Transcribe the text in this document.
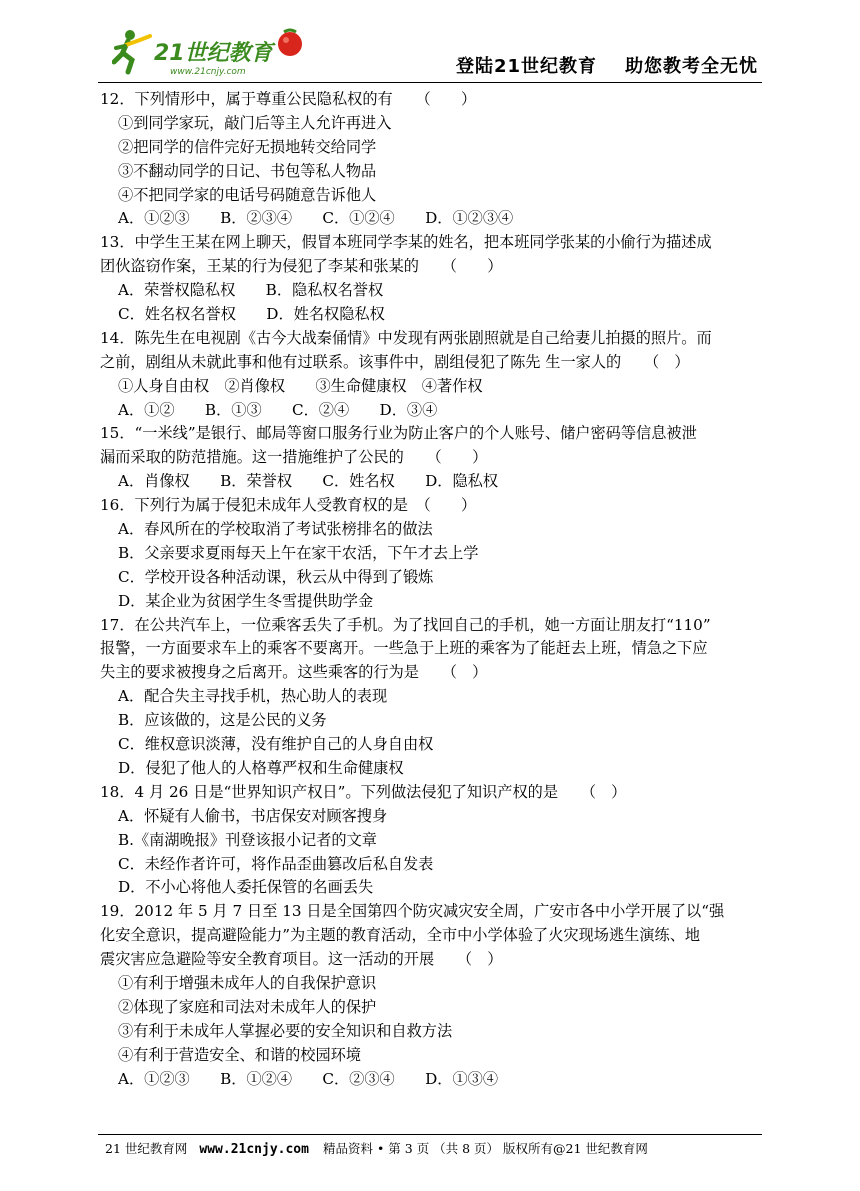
21世纪教育
www.21cnjy.com	登陆21世纪教育 助您教考全无忧
12．下列情形中，属于尊重公民隐私权的有　　（　　）
①到同学家玩，敲门后等主人允许再进入
②把同学的信件完好无损地转交给同学
③不翻动同学的日记、书包等私人物品
④不把同学家的电话号码随意告诉他人
A．①②③　　B．②③④　　C．①②④　　D．①②③④
13．中学生王某在网上聊天，假冒本班同学李某的姓名，把本班同学张某的小偷行为描述成
团伙盗窃作案，王某的行为侵犯了李某和张某的　　（　　）
A．荣誉权隐私权　　B．隐私权名誉权
C．姓名权名誉权　　D．姓名权隐私权
14．陈先生在电视剧《古今大战秦俑情》中发现有两张剧照就是自己给妻儿拍摄的照片。而
之前，剧组从未就此事和他有过联系。该事件中，剧组侵犯了陈先 生一家人的　　（　）
①人身自由权　②肖像权　　③生命健康权　④著作权
A．①②　　B．①③　　C．②④　　D．③④
15．“一米线”是银行、邮局等窗口服务行业为防止客户的个人账号、储户密码等信息被泄
漏而采取的防范措施。这一措施维护了公民的　　（　　）
A．肖像权　　B．荣誉权　　C．姓名权　　D．隐私权
16．下列行为属于侵犯未成年人受教育权的是　（　　）
A．春风所在的学校取消了考试张榜排名的做法
B．父亲要求夏雨每天上午在家干农活，下午才去上学
C．学校开设各种活动课，秋云从中得到了锻炼
D．某企业为贫困学生冬雪提供助学金
17．在公共汽车上，一位乘客丢失了手机。为了找回自己的手机，她一方面让朋友打“110”
报警，一方面要求车上的乘客不要离开。一些急于上班的乘客为了能赶去上班，情急之下应
失主的要求被搜身之后离开。这些乘客的行为是　　（　）
A．配合失主寻找手机，热心助人的表现
B．应该做的，这是公民的义务
C．维权意识淡薄，没有维护自己的人身自由权
D．侵犯了他人的人格尊严权和生命健康权
18．4 月 26 日是“世界知识产权日”。下列做法侵犯了知识产权的是　　（　）
A．怀疑有人偷书，书店保安对顾客搜身
B.《南湖晚报》刊登该报小记者的文章
C．未经作者许可，将作品歪曲篡改后私自发表
D．不小心将他人委托保管的名画丢失
19．2012 年 5 月 7 日至 13 日是全国第四个防灾减灾安全周，广安市各中小学开展了以“强
化安全意识，提高避险能力”为主题的教育活动，全市中小学体验了火灾现场逃生演练、地
震灾害应急避险等安全教育项目。这一活动的开展　　（　）
①有利于增强未成年人的自我保护意识
②体现了家庭和司法对未成年人的保护
③有利于未成年人掌握必要的安全知识和自救方法
④有利于营造安全、和谐的校园环境
A．①②③　　B．①②④　　C．②③④　　D．①③④
21 世纪教育网 www.21cnjy.com 精品资料 • 第 3 页 （共 8 页） 版权所有@21 世纪教育网
